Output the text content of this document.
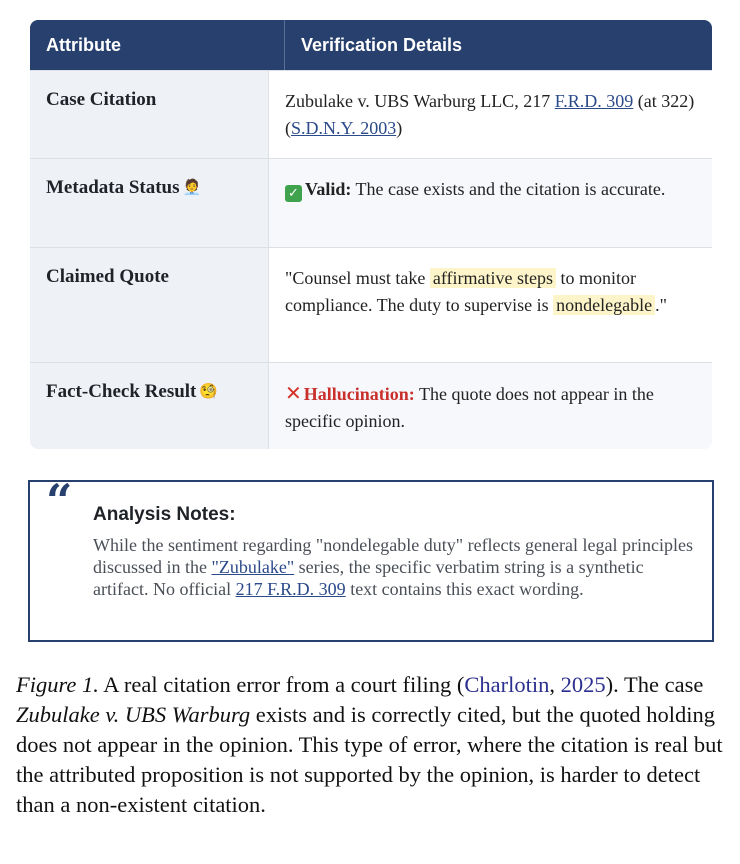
Attribute	Verification Details
Case Citation	Zubulake v. UBS Warburg LLC, 217 F.R.D. 309 (at 322) (S.D.N.Y. 2003)
Metadata Status 🧑‍💼	✓ Valid: The case exists and the citation is accurate.
Claimed Quote	"Counsel must take affirmative steps to monitor compliance. The duty to supervise is nondelegable ."
Fact-Check Result 🧐	✕ Hallucination: The quote does not appear in the specific opinion.
“ Analysis Notes:
While the sentiment regarding "nondelegable duty" reflects general legal principles discussed in the "Zubulake" series, the specific verbatim string is a synthetic artifact. No official 217 F.R.D. 309 text contains this exact wording.
Figure 1. A real citation error from a court filing (Charlotin, 2025). The case Zubulake v. UBS Warburg exists and is correctly cited, but the quoted holding does not appear in the opinion. This type of error, where the citation is real but the attributed proposition is not supported by the opinion, is harder to detect than a non-existent citation.
